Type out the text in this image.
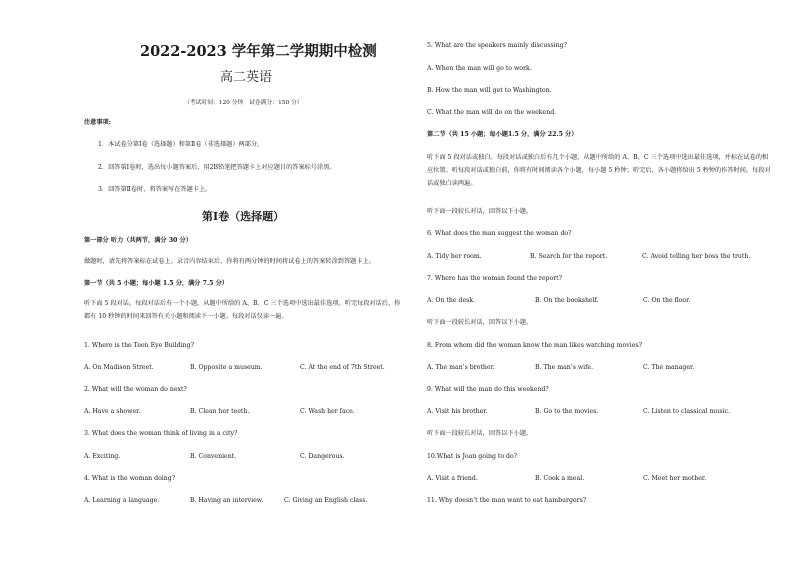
2022-2023 学年第二学期期中检测
高二英语
（考试时间：120 分钟　试卷满分：150 分）
注意事项:
1．本试卷分第Ⅰ卷（选择题）和第Ⅱ卷（非选择题）两部分。
2．回答第Ⅰ卷时，选出每小题答案后，用2B铅笔把答题卡上对应题目的答案标号涂黑。
3．回答第Ⅱ卷时，将答案写在答题卡上。
第Ⅰ卷（选择题）
第一部分 听力（共两节，满分 30 分）
做题时，请先将答案标在试卷上。录音内容结束后，你将有两分钟的时间将试卷上的答案转涂到答题卡上。
第一节（共 5 小题；每小题 1.5 分，满分 7.5 分）
听下面 5 段对话。每段对话后有一个小题，从题中所给的 A、B、C 三个选项中选出最佳选项。听完每段对话后，你都有 10 秒钟的时间来回答有关小题和阅读下一小题。每段对话仅读一遍。
1. Where is the Teen Eye Building?
A. On Madison Street.	B. Opposite a museum.	C. At the end of 7th Street.
2. What will the woman do next?
A. Have a shower.	B. Clean her teeth.	C. Wash her face.
3. What does the woman think of living in a city?
A. Exciting.	B. Convenient.	C. Dangerous.
4. What is the woman doing?
A. Learning a language.	B. Having an interview.	C. Giving an English class.
5. What are the speakers mainly discussing?
A. When the man will go to work.
B. How the man will get to Washington.
C. What the man will do on the weekend.
第二节（共 15 小题；每小题1.5 分，满分 22.5 分）
听下面 5 段对话或独白。每段对话或独白后有几个小题，从题中所给的 A、B、C 三个选项中选出最佳选项，并标在试卷的相应位置。听每段对话或独白前，你将有时间阅读各个小题，每小题 5 秒钟；听完后，各小题将给出 5 秒钟的作答时间。每段对话或独白读两遍。
听下面一段较长对话，回答以下小题。
6. What does the man suggest the woman do?
A. Tidy her room.	B. Search for the report.	C. Avoid telling her boss the truth.
7. Where has the woman found the report?
A. On the desk.	B. On the bookshelf.	C. On the floor.
听下面一段较长对话，回答以下小题。
8. From whom did the woman know the man likes watching movies?
A. The man’s brother.	B. The man’s wife.	C. The manager.
9. What will the man do this weekend?
A. Visit his brother.	B. Go to the movies.	C. Listen to classical music.
听下面一段较长对话，回答以下小题。
10.What is Joan going to do?
A. Visit a friend.	B. Cook a meal.	C. Meet her mother.
11. Why doesn’t the man want to eat hamburgers?
